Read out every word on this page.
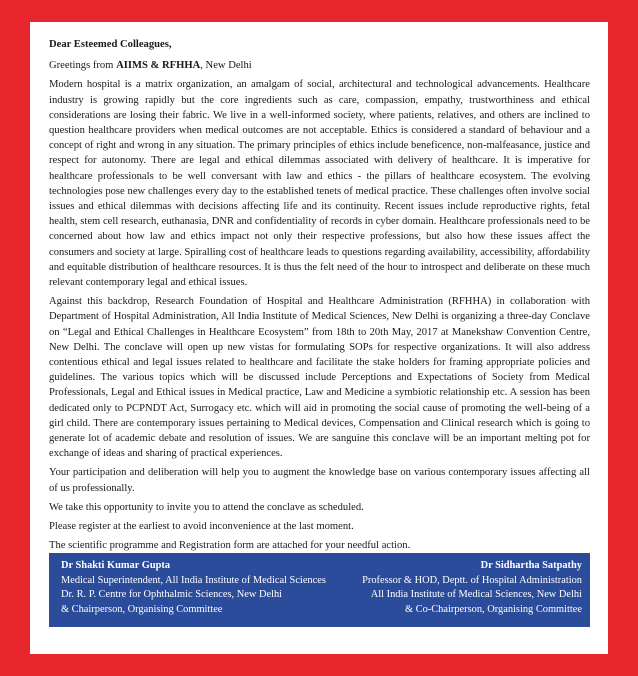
Dear Esteemed Colleagues,

Greetings from AIIMS & RFHHA, New Delhi

Modern hospital is a matrix organization, an amalgam of social, architectural and technological advancements. Healthcare industry is growing rapidly but the core ingredients such as care, compassion, empathy, trustworthiness and ethical considerations are losing their fabric. We live in a well-informed society, where patients, relatives, and others are inclined to question healthcare providers when medical outcomes are not acceptable. Ethics is considered a standard of behaviour and a concept of right and wrong in any situation. The primary principles of ethics include beneficence, non-malfeasance, justice and respect for autonomy. There are legal and ethical dilemmas associated with delivery of healthcare. It is imperative for healthcare professionals to be well conversant with law and ethics - the pillars of healthcare ecosystem. The evolving technologies pose new challenges every day to the established tenets of medical practice. These challenges often involve social issues and ethical dilemmas with decisions affecting life and its continuity. Recent issues include reproductive rights, fetal health, stem cell research, euthanasia, DNR and confidentiality of records in cyber domain. Healthcare professionals need to be concerned about how law and ethics impact not only their respective professions, but also how these issues affect the consumers and society at large. Spiralling cost of healthcare leads to questions regarding availability, accessibility, affordability and equitable distribution of healthcare resources. It is thus the felt need of the hour to introspect and deliberate on these much relevant contemporary legal and ethical issues.

Against this backdrop, Research Foundation of Hospital and Healthcare Administration (RFHHA) in collaboration with Department of Hospital Administration, All India Institute of Medical Sciences, New Delhi is organizing a three-day Conclave on “Legal and Ethical Challenges in Healthcare Ecosystem” from 18th to 20th May, 2017 at Manekshaw Convention Centre, New Delhi. The conclave will open up new vistas for formulating SOPs for respective organizations. It will also address contentious ethical and legal issues related to healthcare and facilitate the stake holders for framing appropriate policies and guidelines. The various topics which will be discussed include Perceptions and Expectations of Society from Medical Professionals, Legal and Ethical issues in Medical practice, Law and Medicine a symbiotic relationship etc. A session has been dedicated only to PCPNDT Act, Surrogacy etc. which will aid in promoting the social cause of promoting the well-being of a girl child. There are contemporary issues pertaining to Medical devices, Compensation and Clinical research which is going to generate lot of academic debate and resolution of issues. We are sanguine this conclave will be an important melting pot for exchange of ideas and sharing of practical experiences.

Your participation and deliberation will help you to augment the knowledge base on various contemporary issues affecting all of us professionally.

We take this opportunity to invite you to attend the conclave as scheduled.

Please register at the earliest to avoid inconvenience at the last moment.

The scientific programme and Registration form are attached for your needful action.

Dr Shakti Kumar Gupta
Medical Superintendent, All India Institute of Medical Sciences
Dr. R. P. Centre for Ophthalmic Sciences, New Delhi
& Chairperson, Organising Committee
Dr Sidhartha Satpathy
Professor & HOD, Deptt. of Hospital Administration
All India Institute of Medical Sciences, New Delhi
& Co-Chairperson, Organising Committee
